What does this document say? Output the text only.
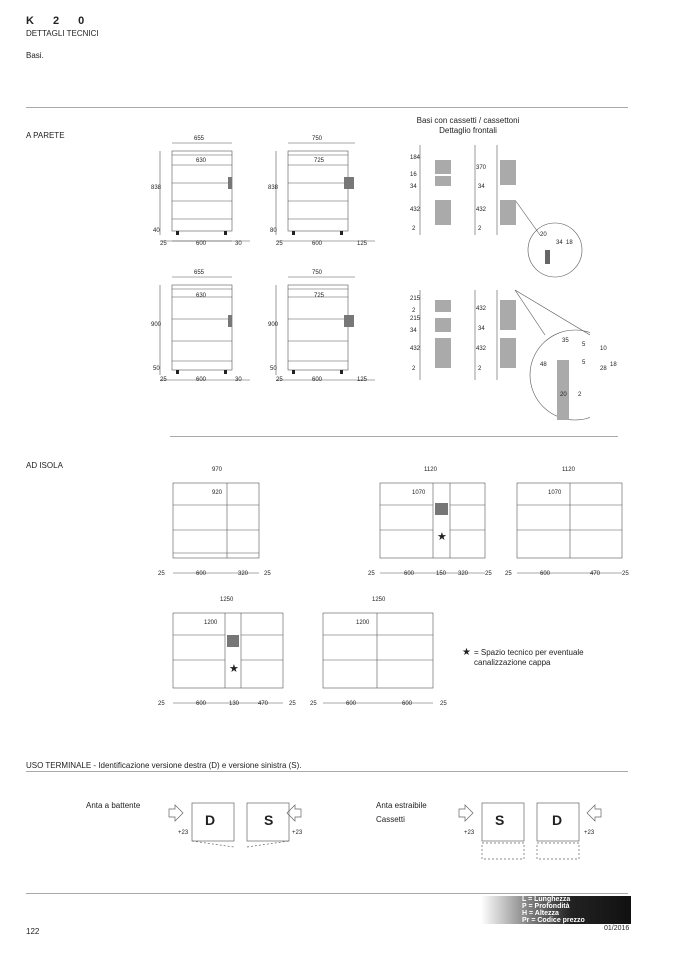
K 2 0
DETTAGLI TECNICI
Basi.
A PARETE
Basi con cassetti / cassettoni
Dettaglio frontali
655
630
838
40
25	600	30
750
725
838
80
25	600	125
655
630
900
50
25	600	30
750
725
900
50
25	600	125
184
16
34
432
2
370
34
432
2
20
34 18
215
2
215
34
432
2
432
34
432
2
35
5
10
5
48
28
20 2
18
AD ISOLA	970
920
25	600	320	25
1120
1070
25	600	150 320	25
★
1120
1070
25	600	470	25
1250
1200
25	600	130	470	25
★
1250
1200
25	600	600	25
★ = Spazio tecnico per eventuale
canalizzazione cappa
USO TERMINALE - Identificazione versione destra (D) e versione sinistra (S).
Anta a battente	Anta estraibile
Cassetti
D	S
+23	+23
S	D
+23	+23
L = Lunghezza
P = Profondità
H = Altezza
Pr = Codice prezzo
122	01/2016
